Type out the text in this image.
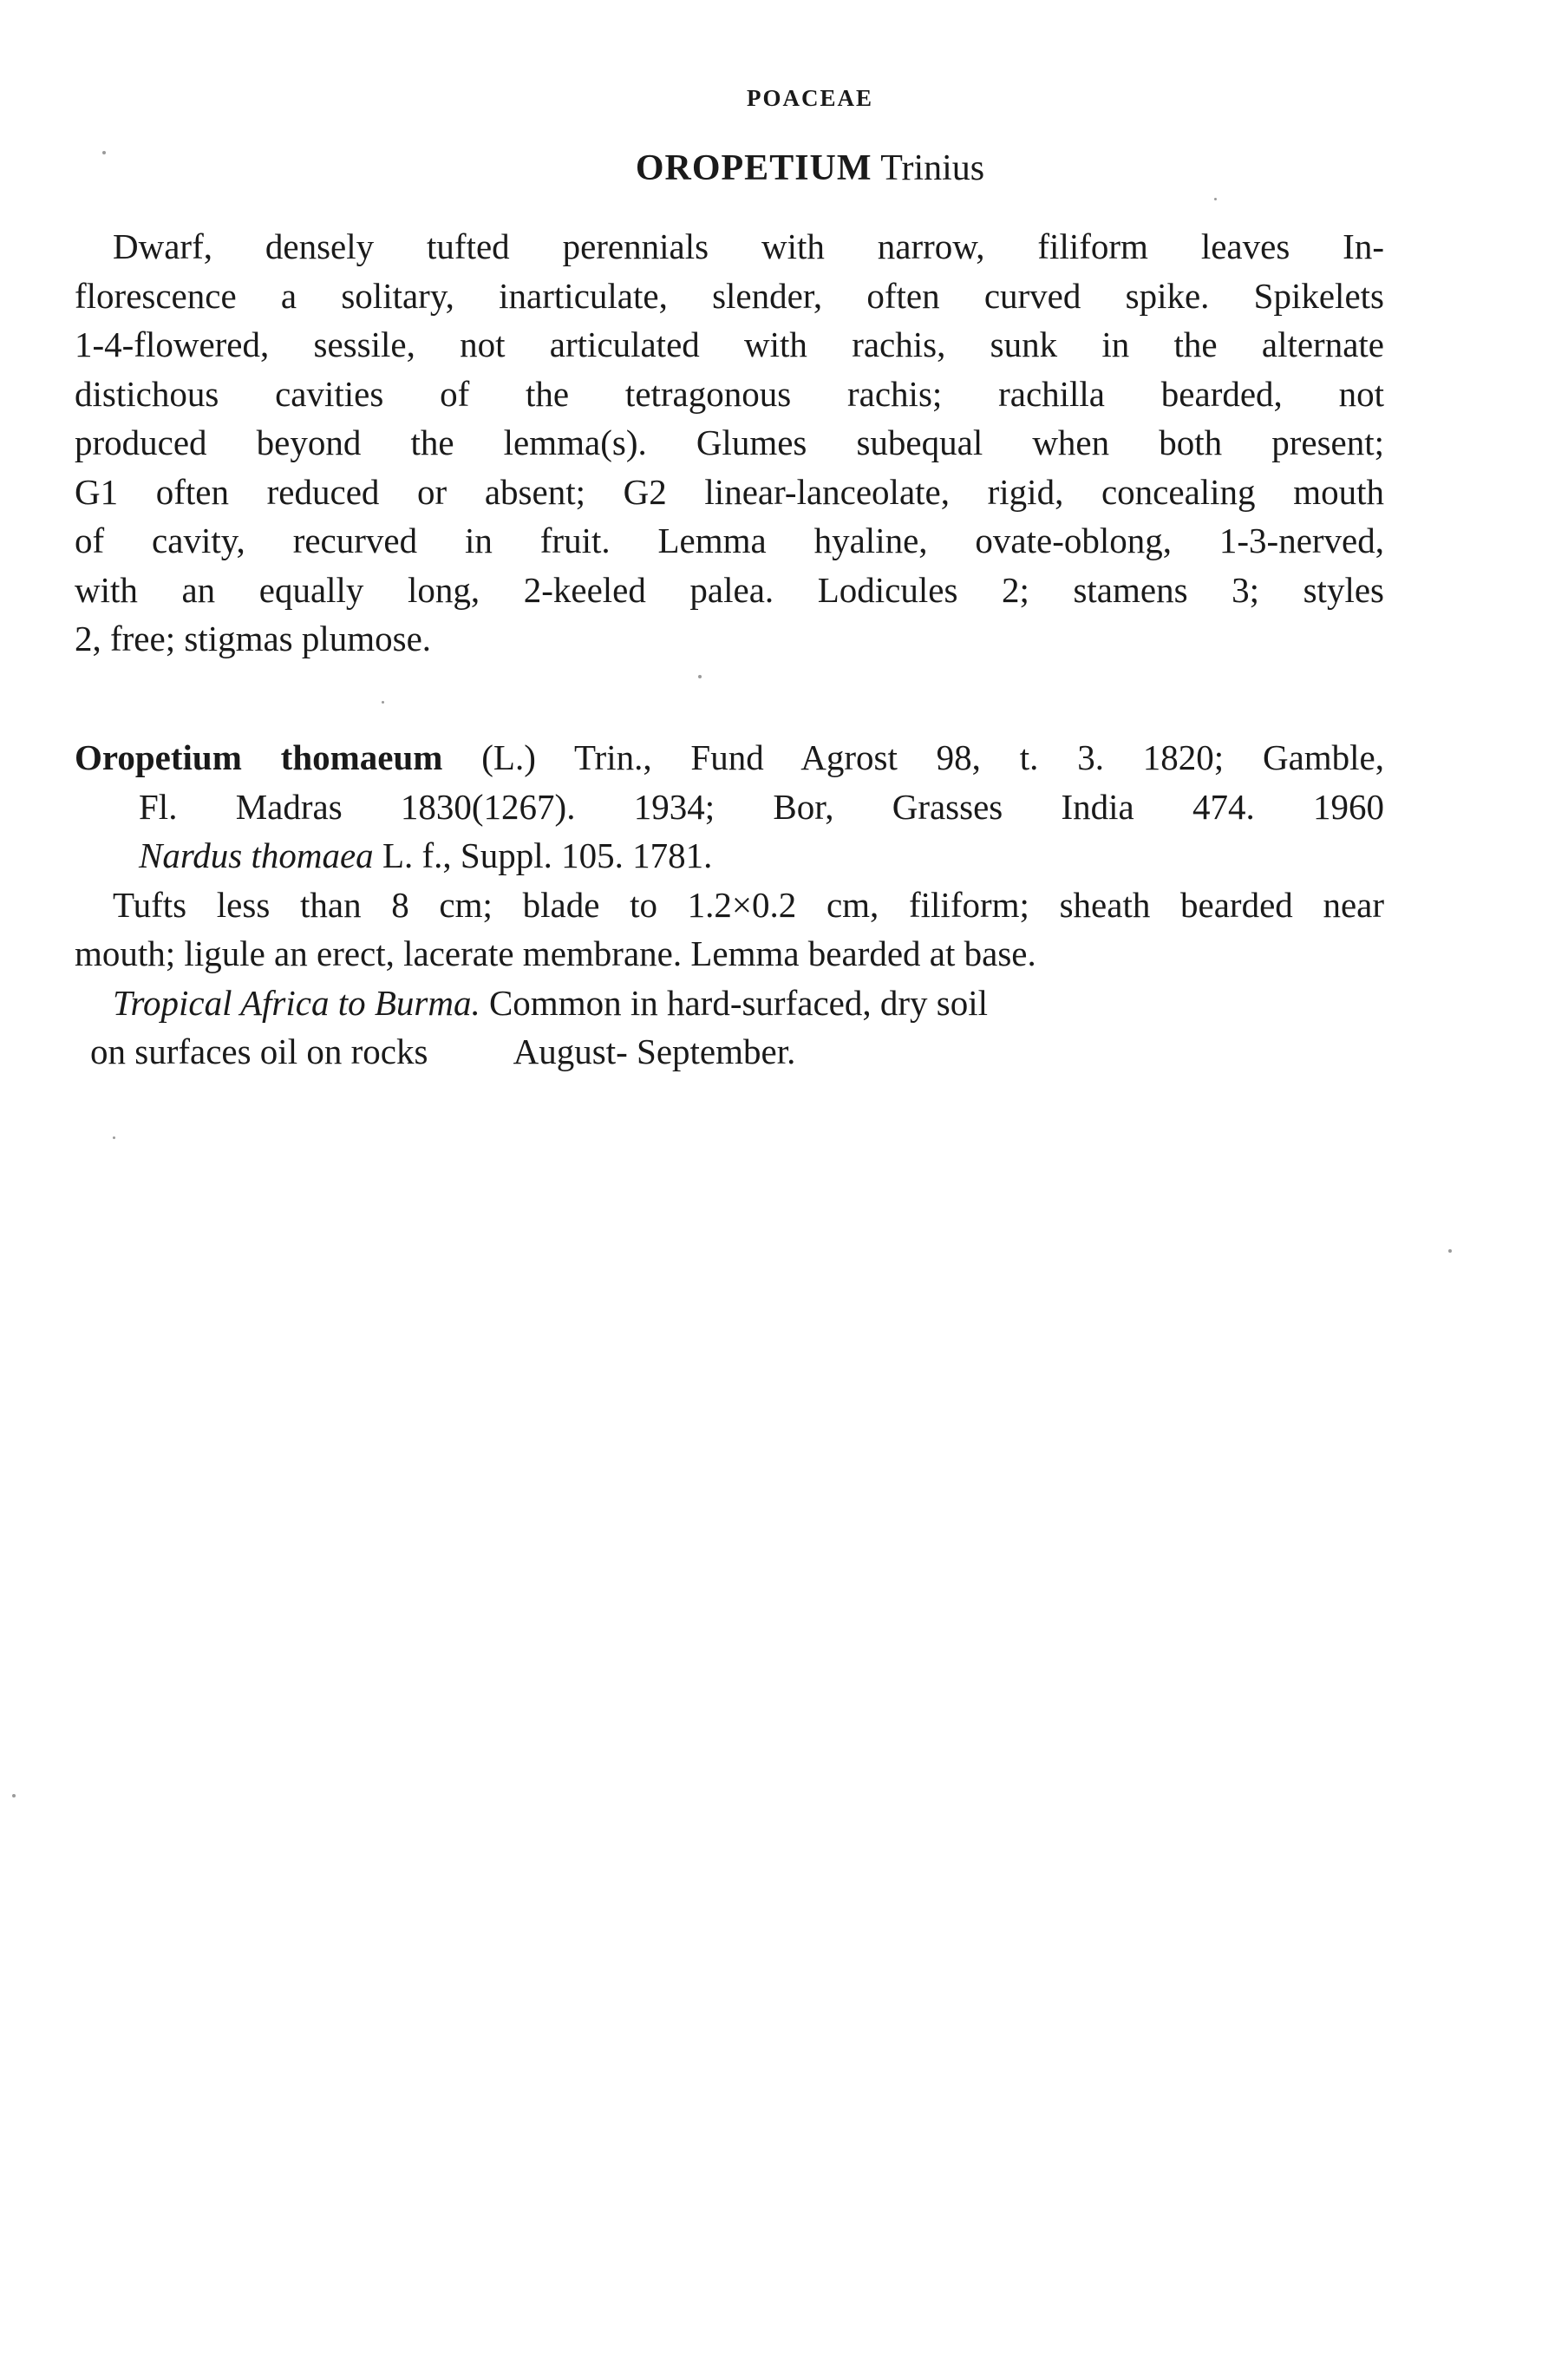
POACEAE
OROPETIUM Trinius
Dwarf, densely tufted perennials with narrow, filiform leaves In-
florescence a solitary, inarticulate, slender, often curved spike. Spikelets
1-4-flowered, sessile, not articulated with rachis, sunk in the alternate
distichous cavities of the tetragonous rachis; rachilla bearded, not
produced beyond the lemma(s). Glumes subequal when both present;
G1 often reduced or absent; G2 linear-lanceolate, rigid, concealing mouth
of cavity, recurved in fruit. Lemma hyaline, ovate-oblong, 1-3-nerved,
with an equally long, 2-keeled palea. Lodicules 2; stamens 3; styles
2, free; stigmas plumose.
Oropetium thomaeum (L.) Trin., Fund Agrost 98, t. 3. 1820; Gamble,
Fl. Madras 1830(1267). 1934; Bor, Grasses India 474. 1960
Nardus thomaea L. f., Suppl. 105. 1781.
Tufts less than 8 cm; blade to 1.2×0.2 cm, filiform; sheath bearded near
mouth; ligule an erect, lacerate membrane. Lemma bearded at base.
Tropical Africa to Burma. Common in hard-surfaced, dry soil
on surfaces oil on rocks August- September.
